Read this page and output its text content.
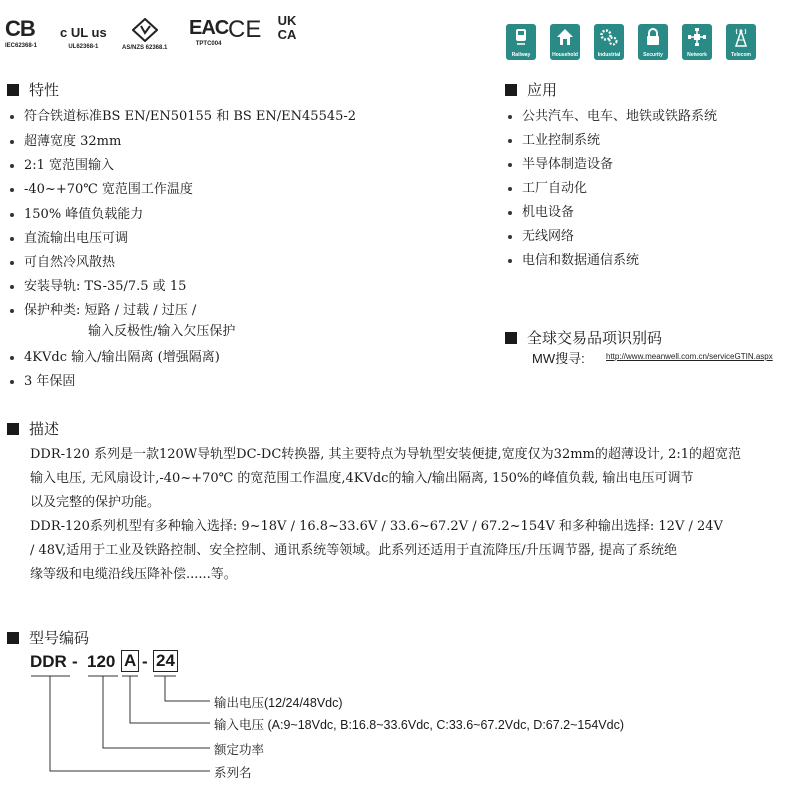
CB
IEC62368-1
c UL us
UL62368-1	AS/NZS 62368.1
EAC
TPTC004
CE	UK CA
Railway	Household	Industrial	Security	Network	Telecom
特性
符合铁道标准BS EN/EN50155 和 BS EN/EN45545-2
超薄宽度 32mm
2:1 宽范围输入
-40~+70℃ 宽范围工作温度
150% 峰值负载能力
直流输出电压可调
可自然冷风散热
安装导轨: TS-35/7.5 或 15
保护种类: 短路 / 过载 / 过压 /
输入反极性/输入欠压保护
4KVdc 输入/输出隔离 (增强隔离)
3 年保固
应用
公共汽车、电车、地铁或铁路系统
工业控制系统
半导体制造设备
工厂自动化
机电设备
无线网络
电信和数据通信系统
全球交易品项识别码
MW搜寻:	http://www.meanwell.com.cn/serviceGTIN.aspx
描述
DDR-120 系列是一款120W导轨型DC-DC转换器, 其主要特点为导轨型安装便捷,宽度仅为32mm的超薄设计, 2:1的超宽范
输入电压, 无风扇设计,-40~+70℃ 的宽范围工作温度,4KVdc的输入/输出隔离, 150%的峰值负载, 输出电压可调节
以及完整的保护功能。
DDR-120系列机型有多种输入选择: 9~18V / 16.8~33.6V / 33.6~67.2V / 67.2~154V 和多种输出选择: 12V / 24V
/ 48V,适用于工业及铁路控制、安全控制、通讯系统等领域。此系列还适用于直流降压/升压调节器, 提高了系统绝
缘等级和电缆沿线压降补偿......等。
型号编码
DDR - 120 A - 24
输出电压(12/24/48Vdc)
输入电压 (A:9~18Vdc, B:16.8~33.6Vdc, C:33.6~67.2Vdc, D:67.2~154Vdc)
额定功率
系列名
